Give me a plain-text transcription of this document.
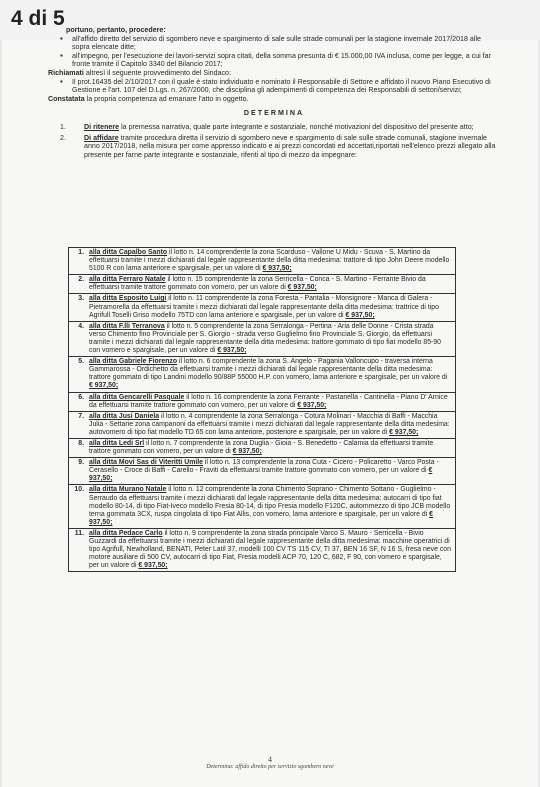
4 di 5 portuno, pertanto, procedere:

▪ all'affido diretto del servizio di sgombero neve e spargimento di sale sulle strade comunali per la stagione invernale 2017/2018 alle sopra elencate ditte;
▪ all'impegno, per l'esecuzione dei lavori-servizi sopra citati, della somma presunta di € 15.000,00 IVA inclusa, come per legge, a cui far fronte tramite il Capitolo 3340 del Bilancio 2017;

Richiamati altresì il seguente provvedimento del Sindaco:

▪ Il prot.16435 del 2/10/2017 con il quale è stato individuato e nominato il Responsabile di Settore e affidato il nuovo Piano Esecutivo di Gestione e l'art. 107 del D.Lgs. n. 267/2000, che disciplina gli adempimenti di competenza dei Responsabili di settori/servizi;

Constatata la propria competenza ad emanare l'atto in oggetto.

DETERMINA
1.	Di ritenere la premessa narrativa, quale parte integrante e sostanziale, nonché motivazioni del dispositivo del presente atto;
2.	Di affidare tramite procedura diretta il servizio di sgombero neve e spargimento di sale sulle strade comunali, stagione invernale anno 2017/2018, nella misura per come appresso indicato e ai prezzi concordati ed accettati,riportati nell'elenco prezzi allegato alla presente per farne parte integrante e sostanziale, riferiti al tipo di mezzo da impegnare:
1.	alla ditta Capalbo Santo il lotto n. 14 comprendente la zona Scarduso - Vallone U Midu - Scuva - S. Martino da effettuarsi tramite i mezzi dichiarati dal legale rappresentante della ditta medesima: trattore di tipo John Deere modello 5100 R con lama anteriore e spargisale, per un valore di € 937,50;
2.	alla ditta Ferraro Natale il lotto n. 15 comprendente la zona Serricella - Conca - S. Martino - Ferrante Bivio da effettuarsi tramite trattore gommato con vomero, per un valore di € 937,50;
3.	alla ditta Esposito Luigi il lotto n. 11 comprendente la zona Foresta - Pantalia - Monsignore - Manca di Galera - Pietramorella da effettuarsi tramite i mezzi dichiarati dal legale rappresentante della ditta medesima: trattrice di tipo Agrifull Toselli Griso modello 75TD con lama anteriore e spargisale, per un valore di € 937,50;
4.	alla ditta F.lli Terranova il lotto n. 5 comprendente la zona Serralonga - Pertina - Aria delle Donne - Crista strada verso Chimento fino Provinciale per S. Giorgio - strada verso Guglielmo fino Provinciale S. Giorgio, da effettuarsi tramite i mezzi dichiarati dal legale rappresentante della ditta medesima: trattore gommato di tipo fiat modello 85-90 con vomero e spargisale, per un valore di € 937,50;
5.	alla ditta Gabriele Fiorenzo il lotto n. 6 comprendente la zona S. Angelo - Pagania Valloncupo - traversa interna Gammarossa - Ordichetto da effettuarsi tramite i mezzi dichiarati dal legale rappresentante della ditta medesima: trattore gommato di tipo Landini modello 90/88P 55000 H.P. con vomero, lama anteriore e spargisale, per un valore di € 937,50;
6.	alla ditta Gencarelli Pasquale il lotto n. 16 comprendente la zona Ferrante - Pastanella - Cantinella - Piano D' Arnice da effettuarsi tramite trattore gommato con vomero, per un valore di € 937,50;
7.	alla ditta Jusi Daniela il lotto n. 4 comprendente la zona Serralonga - Cotura Molinari - Macchia di Baffi - Macchia Julia - Settarie zona campanoni da effettuarsi tramite i mezzi dichiarati dal legale rappresentante della ditta medesima: autovomero di tipo fiat modello TD 65 con lama anteriore, posteriore e spargisale, per un valore di € 937,50;
8.	alla ditta Ledi Srl il lotto n. 7 comprendente la zona Duglia - Gioia - S. Benedetto - Calamia da effettuarsi tramite trattore gommato con vomero, per un valore di € 937,50;
9.	alla ditta Movi Sas di Viteritti Umile il lotto n. 13 comprendente la zona Cuta - Cicero - Policaretto - Varco Posta - Cerasello - Croce di Baffi - Carello - Fraviti da effettuarsi tramite trattore gommato con vomero, per un valore di € 937,50;
10.	alla ditta Murano Natale il lotto n. 12 comprendente la zona Chimento Soprano - Chimento Sottano - Guglielmo - Serraudo da effettuarsi tramite i mezzi dichiarati dal legale rappresentante della ditta medesima: autocarri di tipo fiat modello 80-14, di tipo Fiat-Iveco modello Fresia 80-14, di tipo Fresia modello F120C, autommezzo di tipo JCB modello terna gommata 3CX, ruspa cingolata di tipo Fiat Allis, con vomero, lama anteriore e spargisale, per un valore di € 937,50;
11.	alla ditta Pedace Carlo il lotto n. 9 comprendente la zona strada principale Varco S. Mauro - Serricella - Bivio Guzzardi da effettuarsi tramite i mezzi dichiarati dal legale rappresentante della ditta medesima: macchine operatrici di tipo Agrifull, Newholland, BENATI, Peter Latil 37, modelli 100 CV TS 115 CV, TI 37, BEN 16 SF, N 16 S, fresa neve con motore ausiliare di 500 CV, autocarri di tipo Fiat, Fresia modelli ACP 70, 120 C, 682, F 90, con vomero e spargisale, per un valore di € 937,50;
4
Determina: affido diretto per servizio sgombero neve
